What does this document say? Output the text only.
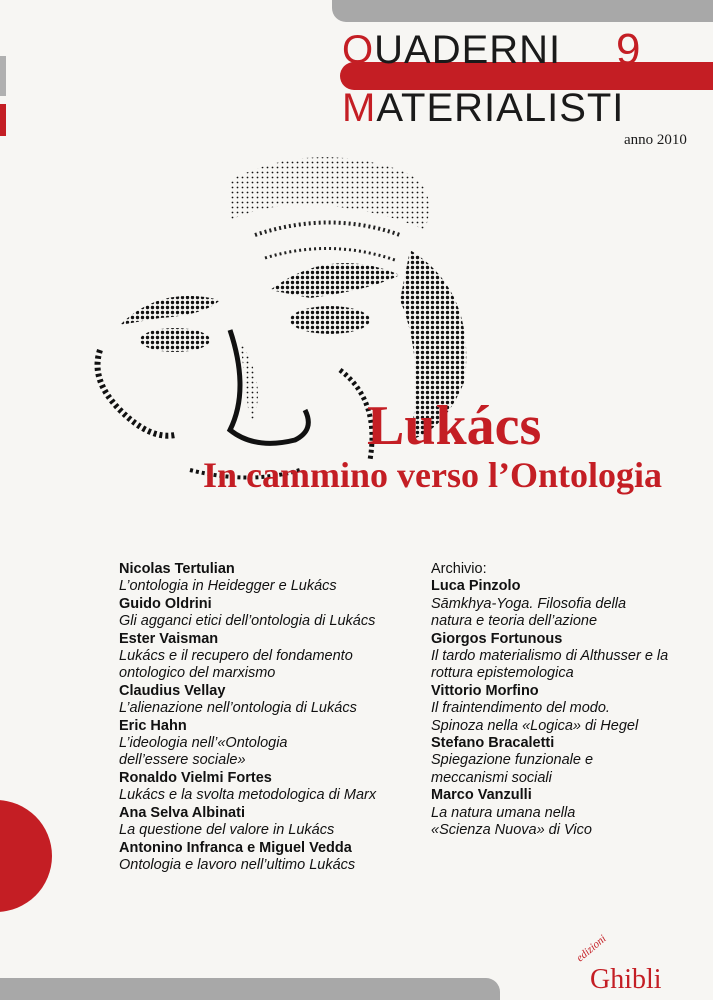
QUADERNI 9
MATERIALISTI
anno 2010
Lukács
In cammino verso l’Ontologia
Nicolas Tertulian
L’ontologia in Heidegger e Lukács
Guido Oldrini
Gli agganci etici dell’ontologia di Lukács
Ester Vaisman
Lukács e il recupero del fondamento ontologico del marxismo
Claudius Vellay
L’alienazione nell’ontologia di Lukács
Eric Hahn
L’ideologia nell’«Ontologia dell’essere sociale»
Ronaldo Vielmi Fortes
Lukács e la svolta metodologica di Marx
Ana Selva Albinati
La questione del valore in Lukács
Antonino Infranca e Miguel Vedda
Ontologia e lavoro nell’ultimo Lukács
Archivio:
Luca Pinzolo
Sāmkhya-Yoga. Filosofia della natura e teoria dell’azione
Giorgos Fortunous
Il tardo materialismo di Althusser e la rottura epistemologica
Vittorio Morfino
Il fraintendimento del modo. Spinoza nella «Logica» di Hegel
Stefano Bracaletti
Spiegazione funzionale e meccanismi sociali
Marco Vanzulli
La natura umana nella «Scienza Nuova» di Vico
edizioni
Ghibli
